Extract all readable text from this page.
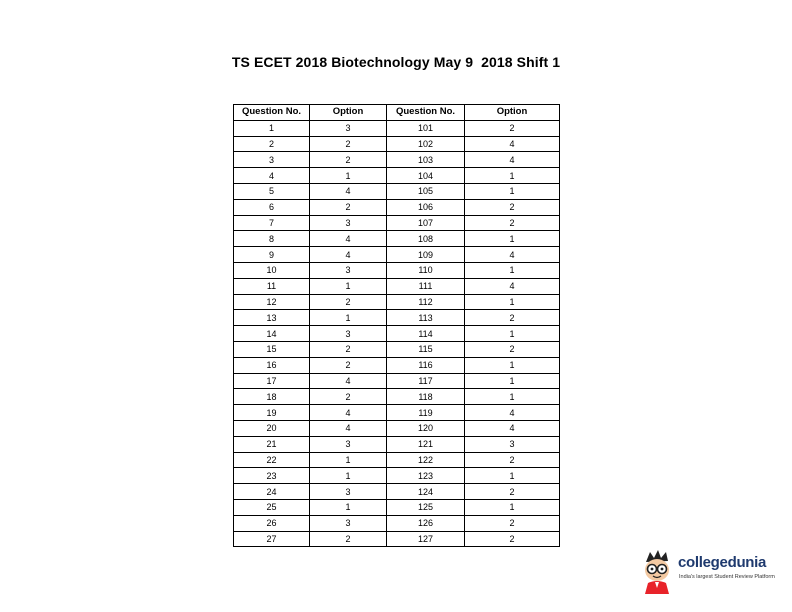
TS ECET 2018 Biotechnology May 9  2018 Shift 1
Question No.	Option	Question No.	Option
1	3	101	2
2	2	102	4
3	2	103	4
4	1	104	1
5	4	105	1
6	2	106	2
7	3	107	2
8	4	108	1
9	4	109	4
10	3	110	1
11	1	111	4
12	2	112	1
13	1	113	2
14	3	114	1
15	2	115	2
16	2	116	1
17	4	117	1
18	2	118	1
19	4	119	4
20	4	120	4
21	3	121	3
22	1	122	2
23	1	123	1
24	3	124	2
25	1	125	1
26	3	126	2
27	2	127	2
collegedunia
India's largest Student Review Platform
